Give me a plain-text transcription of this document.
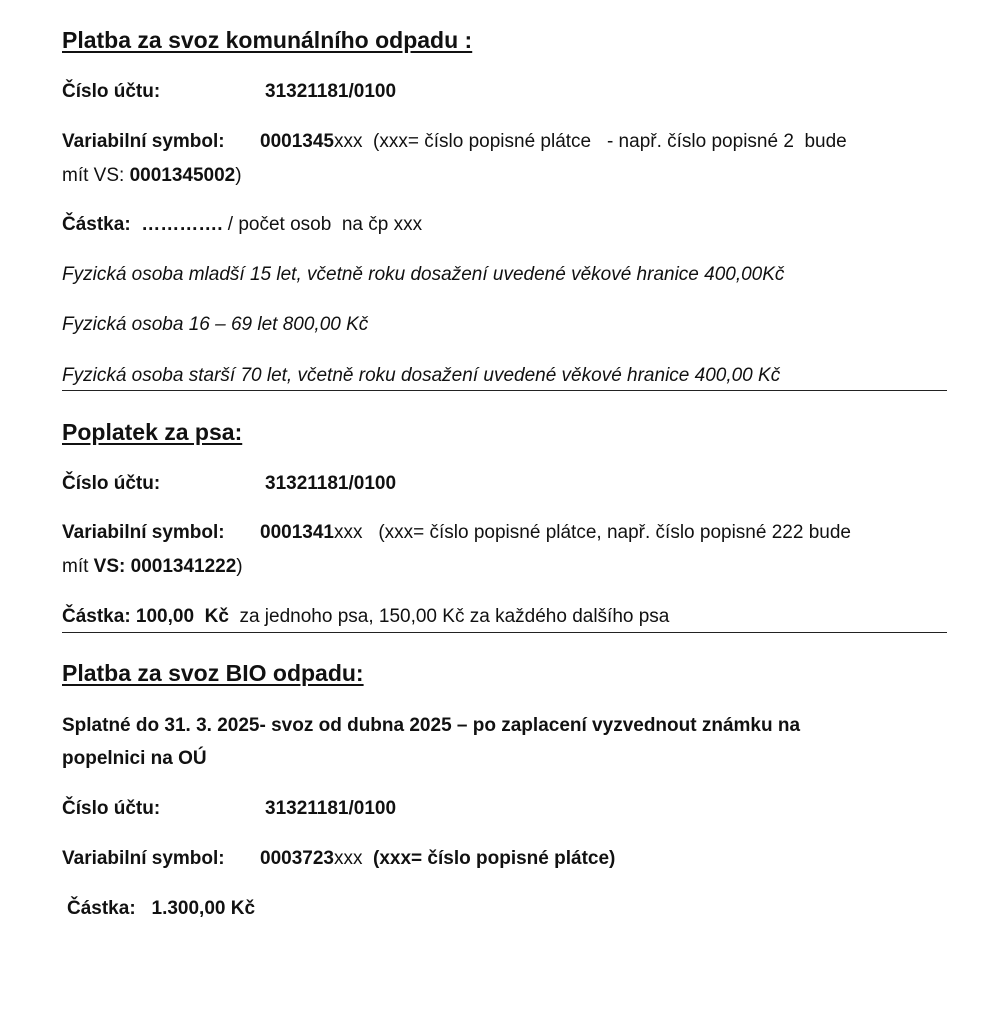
Platba za svoz komunálního odpadu :
Číslo účtu:	31321181/0100
Variabilní symbol: 0001345xxx (xxx= číslo popisné plátce   - např. číslo popisné 2  bude
mít VS: 0001345002)
Částka: …………. / počet osob  na čp xxx
Fyzická osoba mladší 15 let, včetně roku dosažení uvedené věkové hranice 400,00Kč
Fyzická osoba 16 – 69 let 800,00 Kč
Fyzická osoba starší 70 let, včetně roku dosažení uvedené věkové hranice 400,00 Kč
Poplatek za psa:
Číslo účtu:	31321181/0100
Variabilní symbol: 0001341xxx (xxx= číslo popisné plátce, např. číslo popisné 222 bude
mít VS: 0001341222)
Částka: 100,00  Kč  za jednoho psa, 150,00 Kč za každého dalšího psa
Platba za svoz BIO odpadu:
Splatné do 31. 3. 2025- svoz od dubna 2025 – po zaplacení vyzvednout známku na
popelnici na OÚ
Číslo účtu:	31321181/0100
Variabilní symbol: 0003723xxx (xxx= číslo popisné plátce)
Částka: 1.300,00 Kč
